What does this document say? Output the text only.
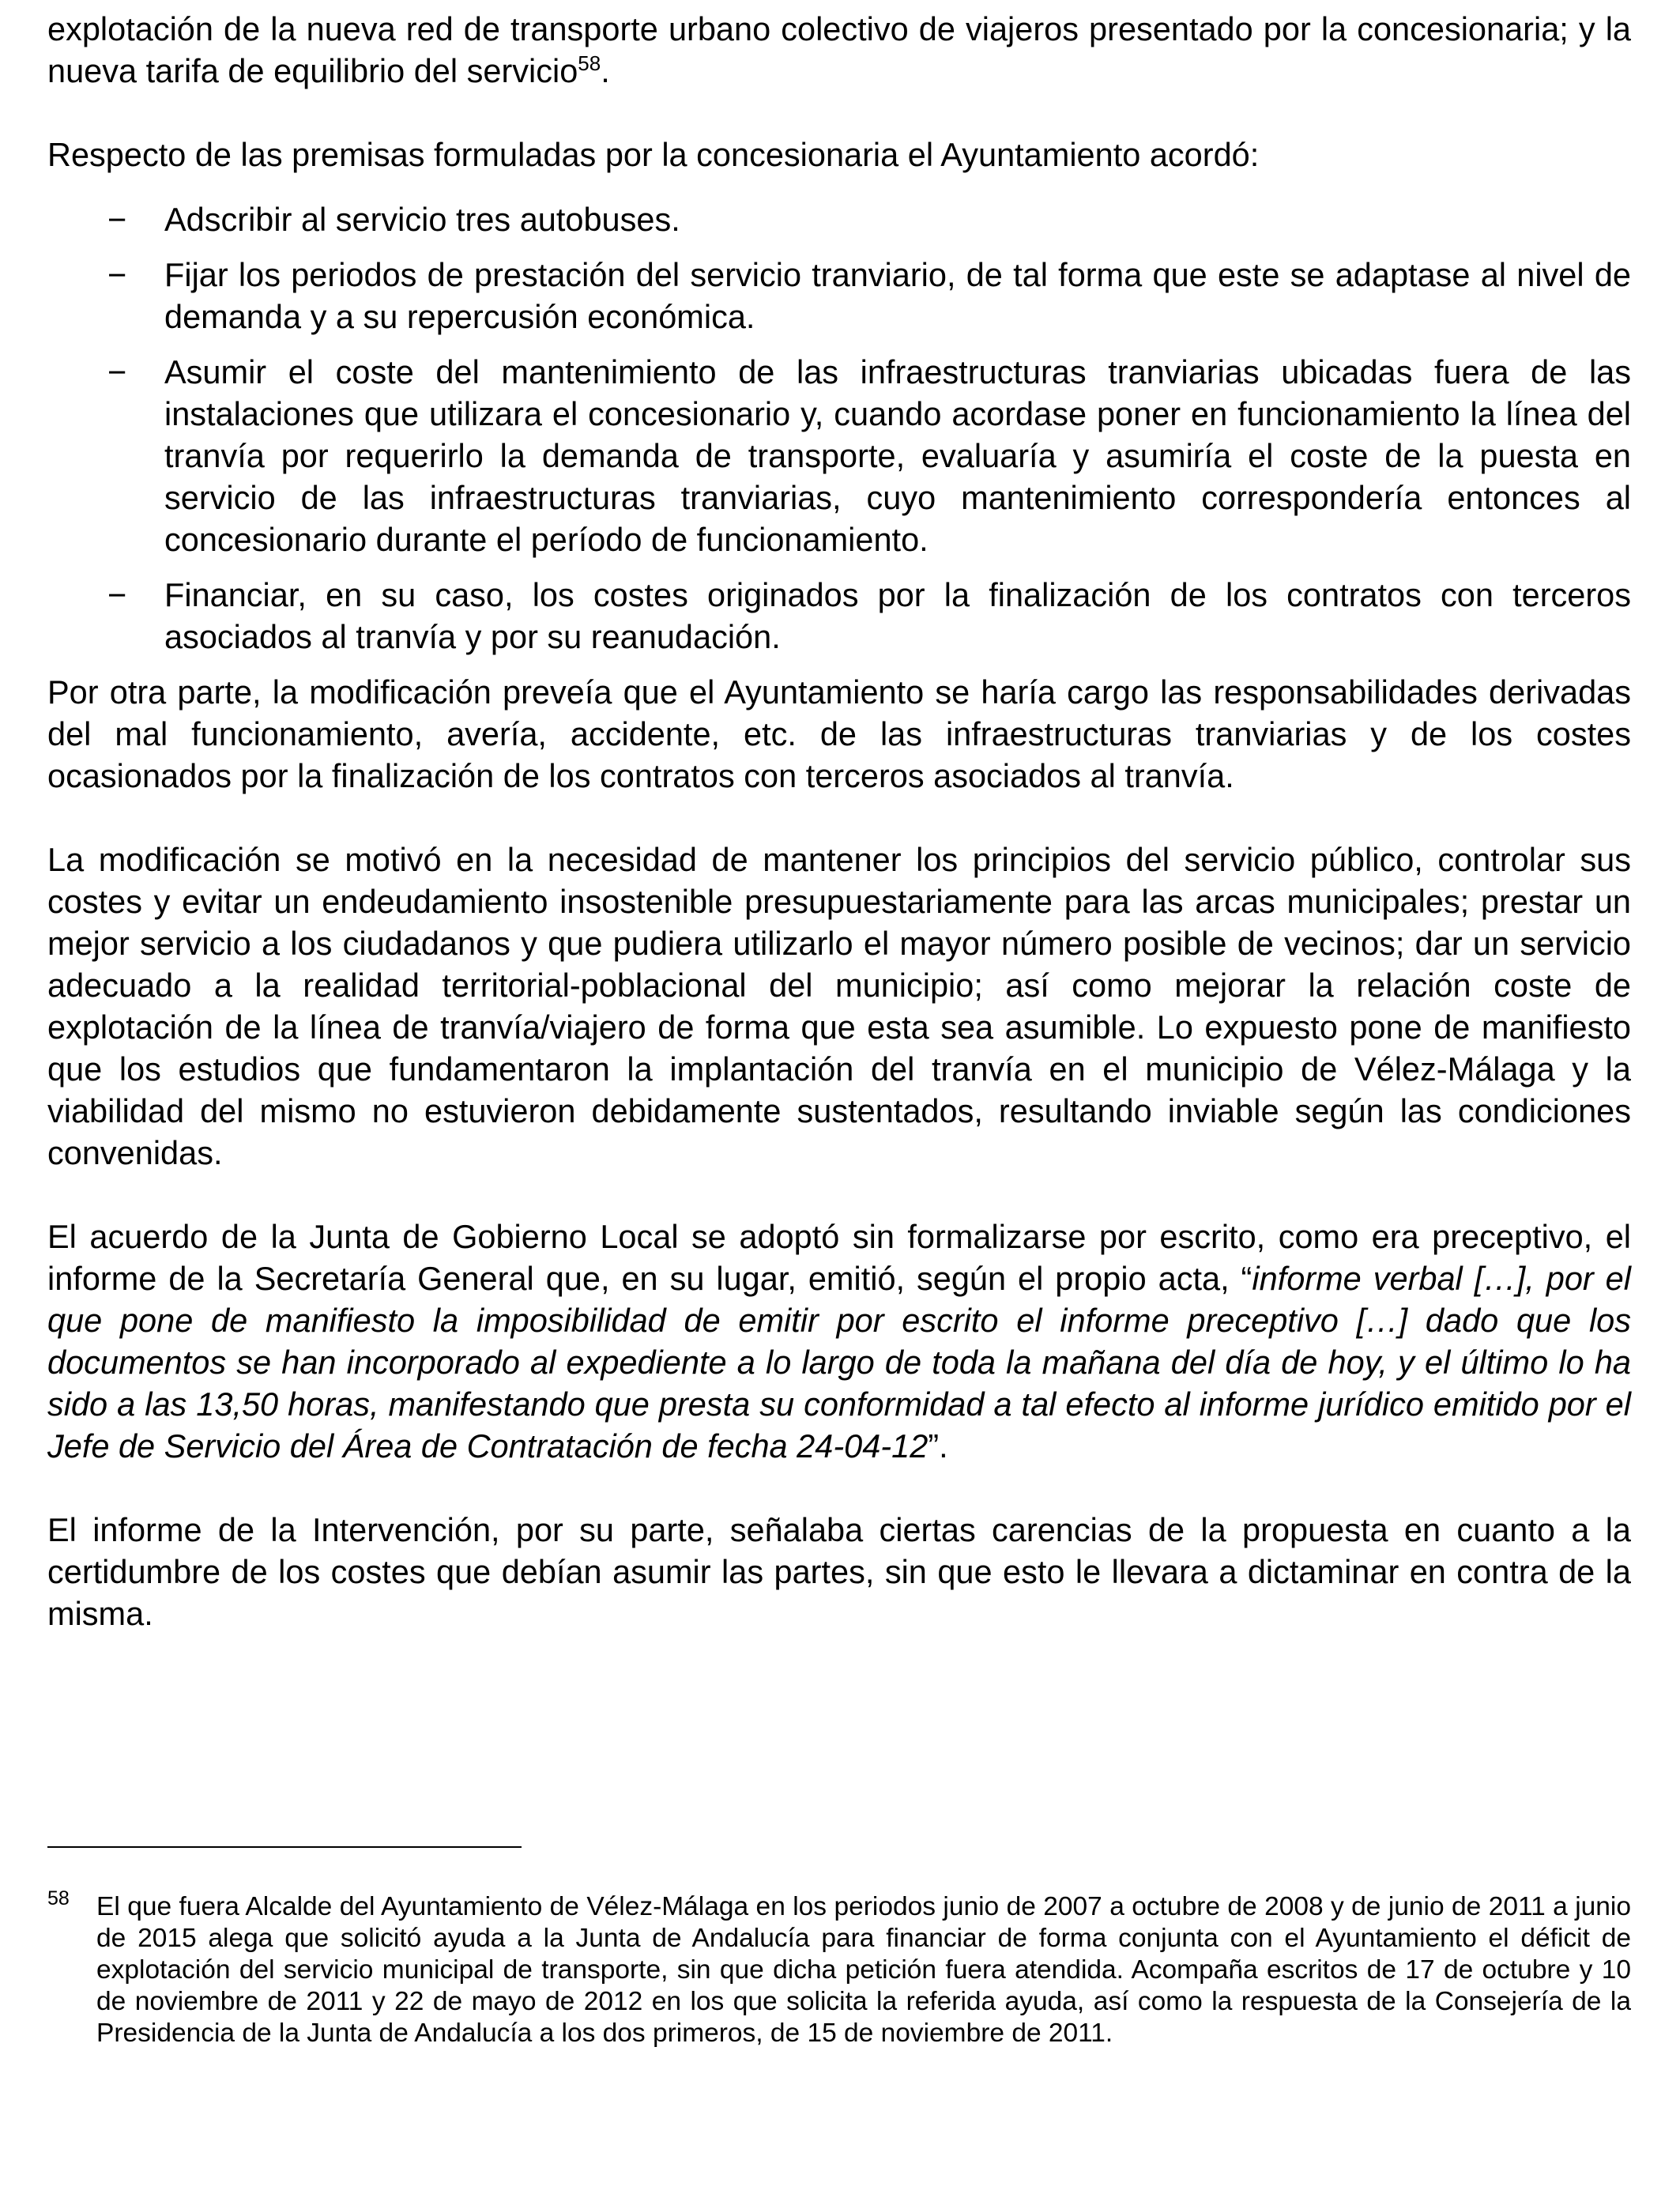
explotación de la nueva red de transporte urbano colectivo de viajeros presentado por la concesionaria; y la nueva tarifa de equilibrio del servicio$^{58}$.

Respecto de las premisas formuladas por la concesionaria el Ayuntamiento acordó:

− Adscribir al servicio tres autobuses.
− Fijar los periodos de prestación del servicio tranviario, de tal forma que este se adaptase al nivel de demanda y a su repercusión económica.
− Asumir el coste del mantenimiento de las infraestructuras tranviarias ubicadas fuera de las instalaciones que utilizara el concesionario y, cuando acordase poner en funcionamiento la línea del tranvía por requerirlo la demanda de transporte, evaluaría y asumiría el coste de la puesta en servicio de las infraestructuras tranviarias, cuyo mantenimiento correspondería entonces al concesionario durante el período de funcionamiento.
− Financiar, en su caso, los costes originados por la finalización de los contratos con terceros asociados al tranvía y por su reanudación.

Por otra parte, la modificación preveía que el Ayuntamiento se haría cargo las responsabilidades derivadas del mal funcionamiento, avería, accidente, etc. de las infraestructuras tranviarias y de los costes ocasionados por la finalización de los contratos con terceros asociados al tranvía.

La modificación se motivó en la necesidad de mantener los principios del servicio público, controlar sus costes y evitar un endeudamiento insostenible presupuestariamente para las arcas municipales; prestar un mejor servicio a los ciudadanos y que pudiera utilizarlo el mayor número posible de vecinos; dar un servicio adecuado a la realidad territorial-poblacional del municipio; así como mejorar la relación coste de explotación de la línea de tranvía/viajero de forma que esta sea asumible. Lo expuesto pone de manifiesto que los estudios que fundamentaron la implantación del tranvía en el municipio de Vélez-Málaga y la viabilidad del mismo no estuvieron debidamente sustentados, resultando inviable según las condiciones convenidas.

El acuerdo de la Junta de Gobierno Local se adoptó sin formalizarse por escrito, como era preceptivo, el informe de la Secretaría General que, en su lugar, emitió, según el propio acta, “informe verbal […], por el que pone de manifiesto la imposibilidad de emitir por escrito el informe preceptivo […] dado que los documentos se han incorporado al expediente a lo largo de toda la mañana del día de hoy, y el último lo ha sido a las 13,50 horas, manifestando que presta su conformidad a tal efecto al informe jurídico emitido por el Jefe de Servicio del Área de Contratación de fecha 24-04-12”.

El informe de la Intervención, por su parte, señalaba ciertas carencias de la propuesta en cuanto a la certidumbre de los costes que debían asumir las partes, sin que esto le llevara a dictaminar en contra de la misma.

58 El que fuera Alcalde del Ayuntamiento de Vélez-Málaga en los periodos junio de 2007 a octubre de 2008 y de junio de 2011 a junio de 2015 alega que solicitó ayuda a la Junta de Andalucía para financiar de forma conjunta con el Ayuntamiento el déficit de explotación del servicio municipal de transporte, sin que dicha petición fuera atendida. Acompaña escritos de 17 de octubre y 10 de noviembre de 2011 y 22 de mayo de 2012 en los que solicita la referida ayuda, así como la respuesta de la Consejería de la Presidencia de la Junta de Andalucía a los dos primeros, de 15 de noviembre de 2011.
